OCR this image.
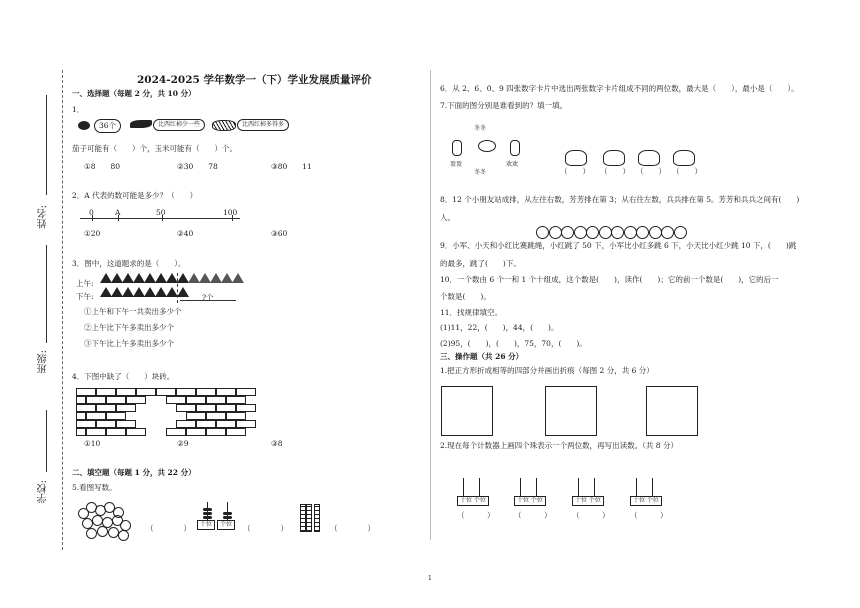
姓名:
班级:
学校:
2024-2025 学年数学一（下）学业发展质量评价
一、选择题（每题 2 分，共 10 分）
1．
36个	比西红柿少一些	比西红柿多得多
茄子可能有（　　）个，玉米可能有（　　）个。
①8　　80	②30　　78	③80　　11
2．A 代表的数可能是多少？（　　）
0	A	50	100
①20	②40	③60
3．图中，这道题求的是（　　）。
上午:
下午:	?个
①上午和下午一共卖出多少个
②上午比下午多卖出多少个
③下午比上午多卖出多少个
4．下图中缺了（　　）块砖。
①10	②9	③8
二、填空题（每题 1 分，共 22 分）
5.看图写数。
（　　　　）	十位	个位	（　　　　）	（　　　　）
6．从 2、6、0、9 四张数字卡片中选出两张数字卡片组成不同的两位数，最大是（　　），最小是（　　）。
7.下面的图分别是谁看到的？填一填。
冬冬
盈盈	欢欢
冬冬	（　　） （　　） （　　） （　　）
8．12 个小朋友站成排，从左往右数，芳芳排在第 3；从右往左数，兵兵排在第 5。芳芳和兵兵之间有(　　)
人。
9．小军、小天和小红比赛跳绳，小红跳了 50 下，小军比小红多跳 6 下，小天比小红少跳 10 下，(　　)跳
的最多，跳了(　　)下。
10．一个数由 6 个一和 1 个十组成，这个数是(　　)，读作(　　)；它的前一个数是(　　)，它的后一
个数是(　　)。
11．找规律填空。
(1)11，22，(　　)，44，(　　)。
(2)95，(　　)，(　　)，75，70，(　　)。
三、操作题（共 26 分）
1.把正方形折成相等的四部分并画出折痕（每图 2 分，共 6 分）
2.现在每个计数器上画四个珠表示一个两位数，再写出读数。（共 8 分）
十位 个位
（　　　）
十位 个位
（　　　）
十位 个位
（　　　）
十位 个位
（　　　）
1
